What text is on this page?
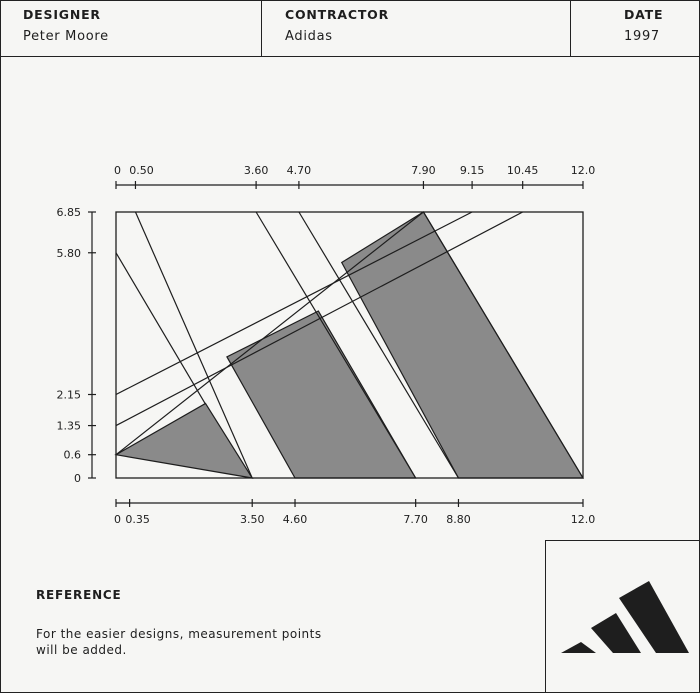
DESIGNER
Peter Moore
CONTRACTOR
Adidas
DATE
1997
0 0.50	3.60 4.70	7.90 9.15 10.45	12.0
0 0.35	3.50 4.60	7.70 8.80	12.0
6.85
5.80
2.15
1.35
0.6
0
REFERENCE
For the easier designs, measurement points will be added.
